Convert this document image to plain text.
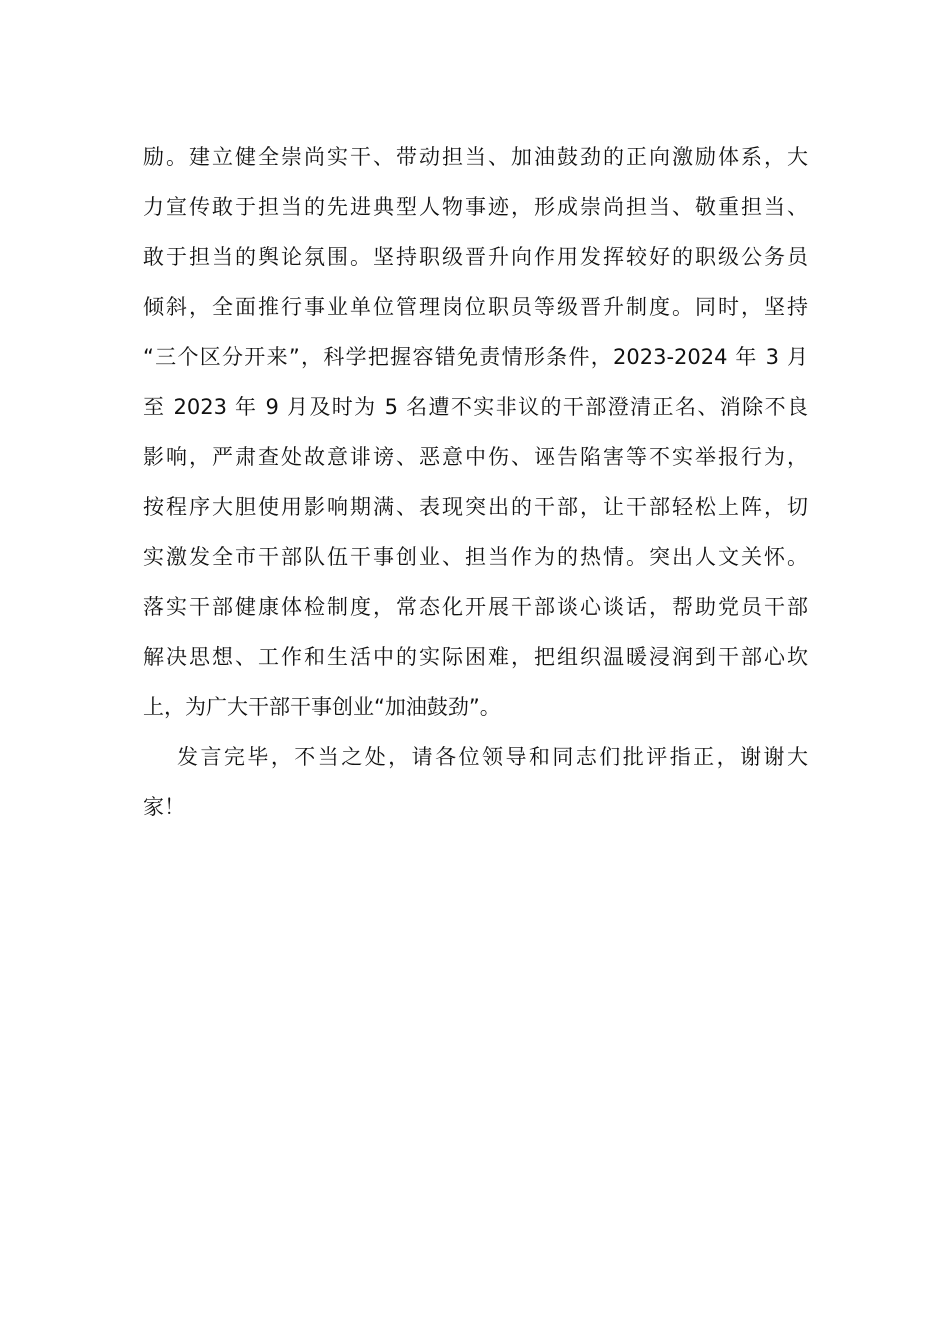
励。建立健全崇尚实干、带动担当、加油鼓劲的正向激励体系，大
力宣传敢于担当的先进典型人物事迹，形成崇尚担当、敬重担当、
敢于担当的舆论氛围。坚持职级晋升向作用发挥较好的职级公务员
倾斜，全面推行事业单位管理岗位职员等级晋升制度。同时，坚持
“三个区分开来”，科学把握容错免责情形条件，2023-2024 年 3 月
至 2023 年 9 月及时为 5 名遭不实非议的干部澄清正名、消除不良
影响，严肃查处故意诽谤、恶意中伤、诬告陷害等不实举报行为，
按程序大胆使用影响期满、表现突出的干部，让干部轻松上阵，切
实激发全市干部队伍干事创业、担当作为的热情。突出人文关怀。
落实干部健康体检制度，常态化开展干部谈心谈话，帮助党员干部
解决思想、工作和生活中的实际困难，把组织温暖浸润到干部心坎
上，为广大干部干事创业“加油鼓劲”。
发言完毕，不当之处，请各位领导和同志们批评指正，谢谢大
家！
